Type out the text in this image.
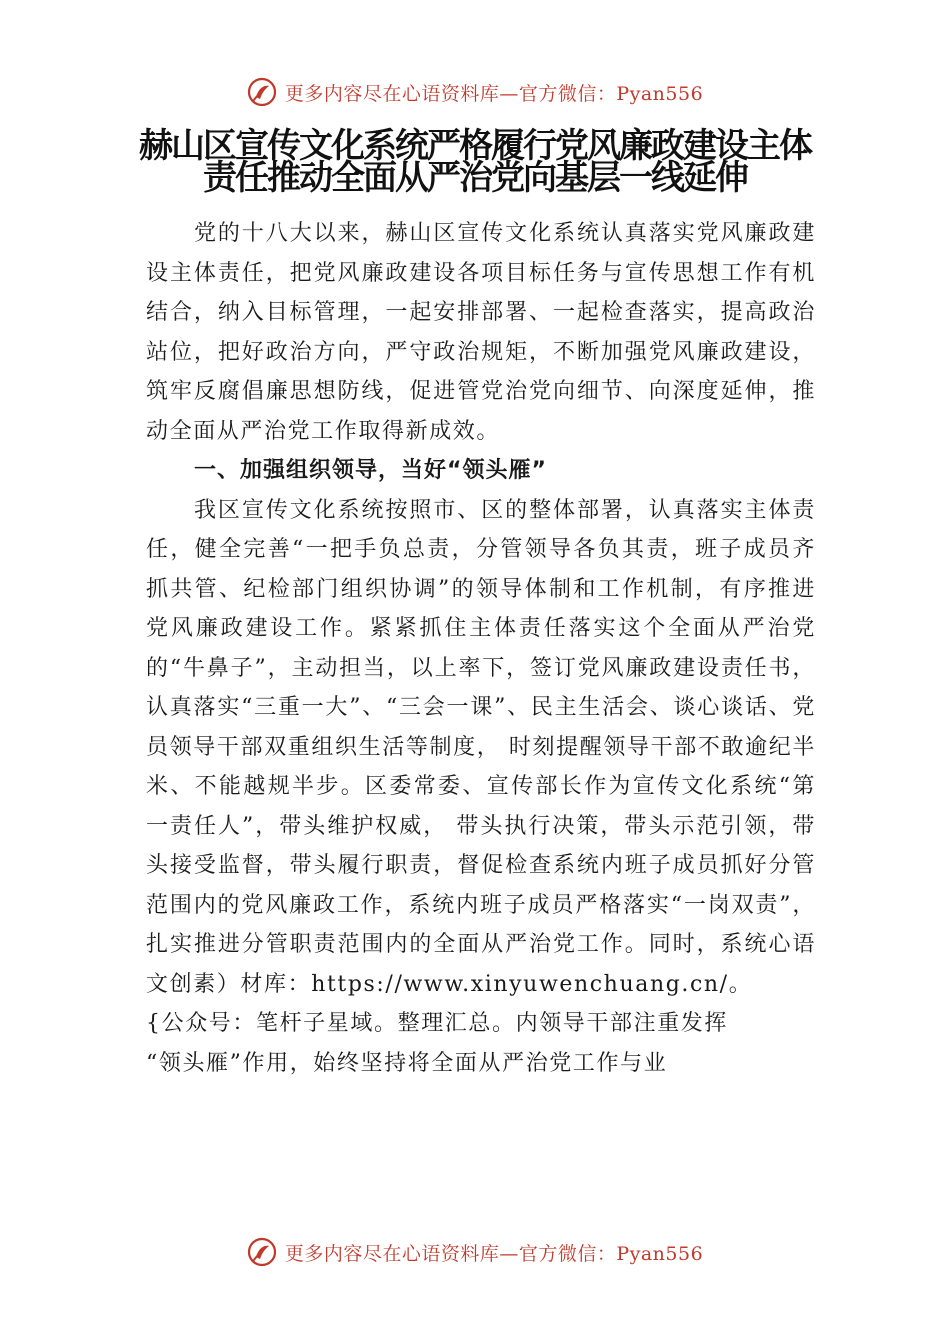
更多内容尽在心语资料库—官方微信：Pyan556
赫山区宣传文化系统严格履行党风廉政建设主体
责任推动全面从严治党向基层一线延伸

党的十八大以来，赫山区宣传文化系统认真落实党风廉政建设主体责任，把党风廉政建设各项目标任务与宣传思想工作有机结合，纳入目标管理，一起安排部署、一起检查落实，提高政治站位，把好政治方向，严守政治规矩，不断加强党风廉政建设，筑牢反腐倡廉思想防线，促进管党治党向细节、向深度延伸，推动全面从严治党工作取得新成效。

一、加强组织领导，当好“领头雁”

我区宣传文化系统按照市、区的整体部署，认真落实主体责任，健全完善“一把手负总责，分管领导各负其责，班子成员齐抓共管、纪检部门组织协调”的领导体制和工作机制，有序推进党风廉政建设工作。紧紧抓住主体责任落实这个全面从严治党的“牛鼻子”，主动担当，以上率下，签订党风廉政建设责任书，认真落实“三重一大”、“三会一课”、民主生活会、谈心谈话、党员领导干部双重组织生活等制度， 时刻提醒领导干部不敢逾纪半米、不能越规半步。区委常委、宣传部长作为宣传文化系统“第一责任人”，带头维护权威， 带头执行决策，带头示范引领，带头接受监督，带头履行职责，督促检查系统内班子成员抓好分管范围内的党风廉政工作，系统内班子成员严格落实“一岗双责”，扎实推进分管职责范围内的全面从严治党工作。同时，系统心语文创素）材库：https://www.xinyuwenchuang.cn/。

{公众号：笔杆子星域。整理汇总。内领导干部注重发挥

“领头雁”作用，始终坚持将全面从严治党工作与业

更多内容尽在心语资料库—官方微信：Pyan556
